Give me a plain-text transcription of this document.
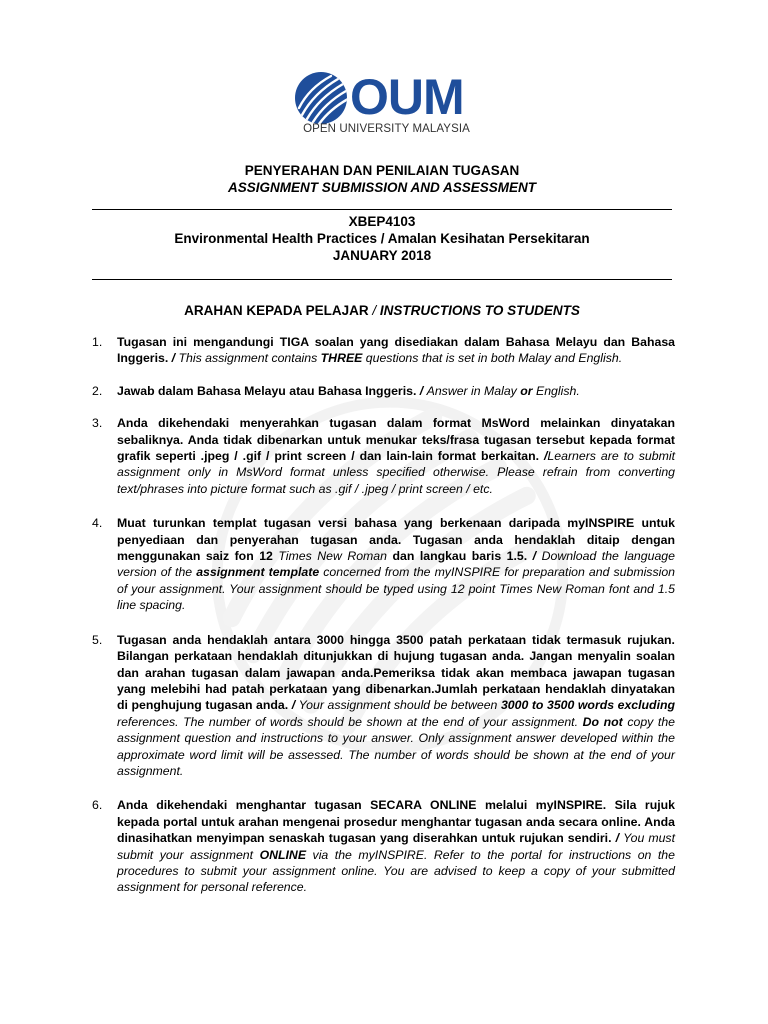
OUM
OPEN UNIVERSITY MALAYSIA
PENYERAHAN DAN PENILAIAN TUGASAN
ASSIGNMENT SUBMISSION AND ASSESSMENT
XBEP4103
Environmental Health Practices / Amalan Kesihatan Persekitaran
JANUARY 2018
ARAHAN KEPADA PELAJAR / INSTRUCTIONS TO STUDENTS
1. Tugasan ini mengandungi TIGA soalan yang disediakan dalam Bahasa Melayu dan Bahasa Inggeris. / This assignment contains THREE questions that is set in both Malay and English.
2. Jawab dalam Bahasa Melayu atau Bahasa Inggeris. / Answer in Malay or English.
3. Anda dikehendaki menyerahkan tugasan dalam format MsWord melainkan dinyatakan sebaliknya. Anda tidak dibenarkan untuk menukar teks/frasa tugasan tersebut kepada format grafik seperti .jpeg / .gif / print screen / dan lain-lain format berkaitan. /Learners are to submit assignment only in MsWord format unless specified otherwise. Please refrain from converting text/phrases into picture format such as .gif / .jpeg / print screen / etc.
4. Muat turunkan templat tugasan versi bahasa yang berkenaan daripada myINSPIRE untuk penyediaan dan penyerahan tugasan anda. Tugasan anda hendaklah ditaip dengan menggunakan saiz fon 12 Times New Roman dan langkau baris 1.5. / Download the language version of the assignment template concerned from the myINSPIRE for preparation and submission of your assignment. Your assignment should be typed using 12 point Times New Roman font and 1.5 line spacing.
5. Tugasan anda hendaklah antara 3000 hingga 3500 patah perkataan tidak termasuk rujukan. Bilangan perkataan hendaklah ditunjukkan di hujung tugasan anda. Jangan menyalin soalan dan arahan tugasan dalam jawapan anda.Pemeriksa tidak akan membaca jawapan tugasan yang melebihi had patah perkataan yang dibenarkan.Jumlah perkataan hendaklah dinyatakan di penghujung tugasan anda. / Your assignment should be between 3000 to 3500 words excluding references. The number of words should be shown at the end of your assignment. Do not copy the assignment question and instructions to your answer. Only assignment answer developed within the approximate word limit will be assessed. The number of words should be shown at the end of your assignment.
6. Anda dikehendaki menghantar tugasan SECARA ONLINE melalui myINSPIRE. Sila rujuk kepada portal untuk arahan mengenai prosedur menghantar tugasan anda secara online. Anda dinasihatkan menyimpan senaskah tugasan yang diserahkan untuk rujukan sendiri. / You must submit your assignment ONLINE via the myINSPIRE. Refer to the portal for instructions on the procedures to submit your assignment online. You are advised to keep a copy of your submitted assignment for personal reference.
